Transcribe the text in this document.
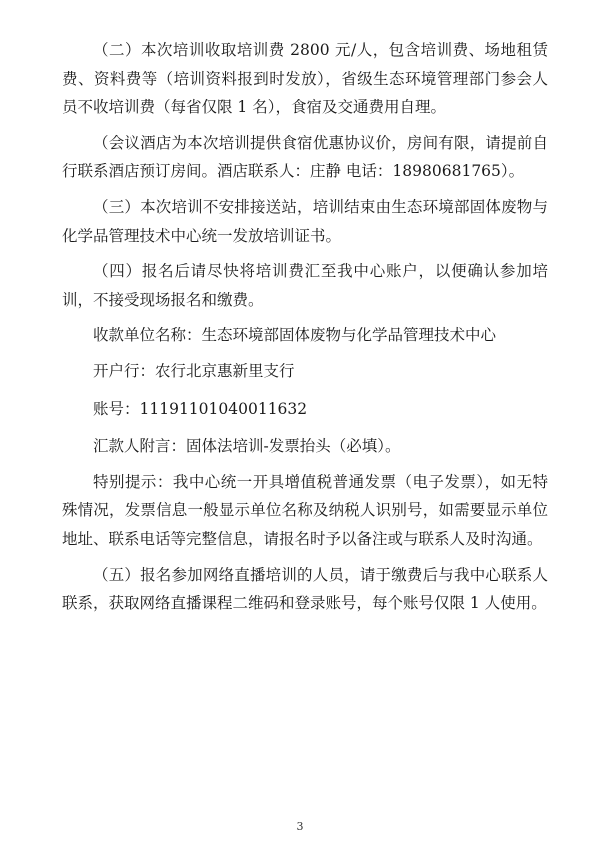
（二）本次培训收取培训费 2800 元/人，包含培训费、场地租赁费、资料费等（培训资料报到时发放），省级生态环境管理部门参会人员不收培训费（每省仅限 1 名），食宿及交通费用自理。

（会议酒店为本次培训提供食宿优惠协议价，房间有限，请提前自行联系酒店预订房间。酒店联系人：庄静 电话：18980681765）。

（三）本次培训不安排接送站，培训结束由生态环境部固体废物与化学品管理技术中心统一发放培训证书。

（四）报名后请尽快将培训费汇至我中心账户，以便确认参加培训，不接受现场报名和缴费。

收款单位名称：生态环境部固体废物与化学品管理技术中心

开户行：农行北京惠新里支行

账号：11191101040011632

汇款人附言：固体法培训-发票抬头（必填）。

特别提示：我中心统一开具增值税普通发票（电子发票），如无特殊情况，发票信息一般显示单位名称及纳税人识别号，如需要显示单位地址、联系电话等完整信息，请报名时予以备注或与联系人及时沟通。

（五）报名参加网络直播培训的人员，请于缴费后与我中心联系人联系，获取网络直播课程二维码和登录账号，每个账号仅限 1 人使用。

3
